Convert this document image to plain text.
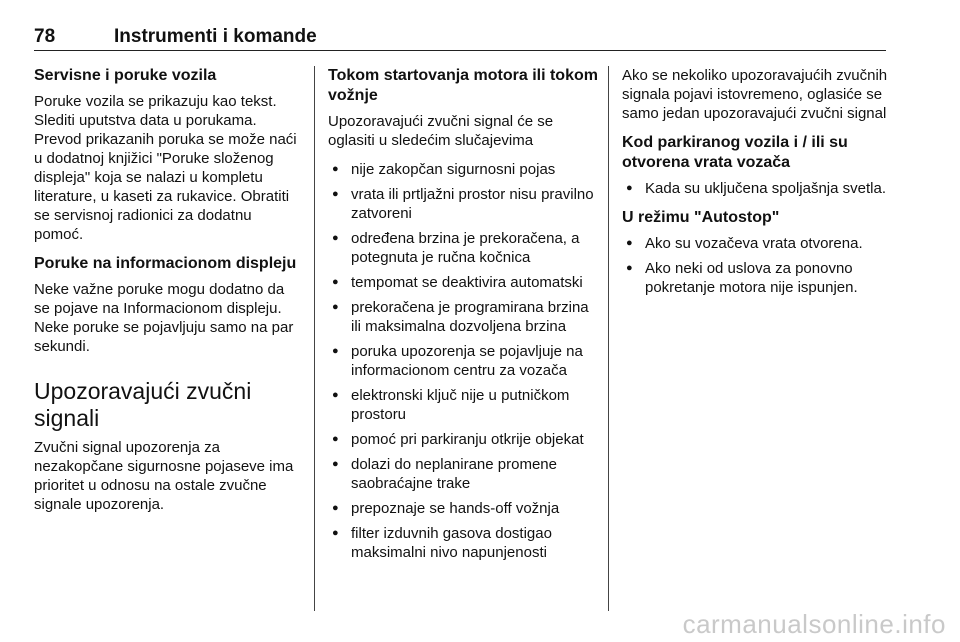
78	Instrumenti i komande
Servisne i poruke vozila

Poruke vozila se prikazuju kao tekst. Slediti uputstva data u porukama. Prevod prikazanih poruka se može naći u dodatnoj knjižici "Poruke složenog displeja" koja se nalazi u kompletu literature, u kaseti za rukavice. Obratiti se servisnoj radionici za dodatnu pomoć.

Poruke na informacionom displeju

Neke važne poruke mogu dodatno da se pojave na Informacionom displeju. Neke poruke se pojavljuju samo na par sekundi.

Upozoravajući zvučni signali

Zvučni signal upozorenja za nezakopčane sigurnosne pojaseve ima prioritet u odnosu na ostale zvučne signale upozorenja.

Tokom startovanja motora ili tokom vožnje

Upozoravajući zvučni signal će se oglasiti u sledećim slučajevima

● nije zakopčan sigurnosni pojas
● vrata ili prtljažni prostor nisu pravilno zatvoreni
● određena brzina je prekoračena, a potegnuta je ručna kočnica
● tempomat se deaktivira automatski
● prekoračena je programirana brzina ili maksimalna dozvoljena brzina
● poruka upozorenja se pojavljuje na informacionom centru za vozača
● elektronski ključ nije u putničkom prostoru
● pomoć pri parkiranju otkrije objekat
● dolazi do neplanirane promene saobraćajne trake
● prepoznaje se hands-off vožnja
● filter izduvnih gasova dostigao maksimalni nivo napunjenosti

Ako se nekoliko upozoravajućih zvučnih signala pojavi istovremeno, oglasiće se samo jedan upozoravajući zvučni signal

Kod parkiranog vozila i / ili su otvorena vrata vozača
● Kada su uključena spoljašnja svetla.
U režimu "Autostop"
● Ako su vozačeva vrata otvorena.
● Ako neki od uslova za ponovno pokretanje motora nije ispunjen.
carmanualsonline.info
